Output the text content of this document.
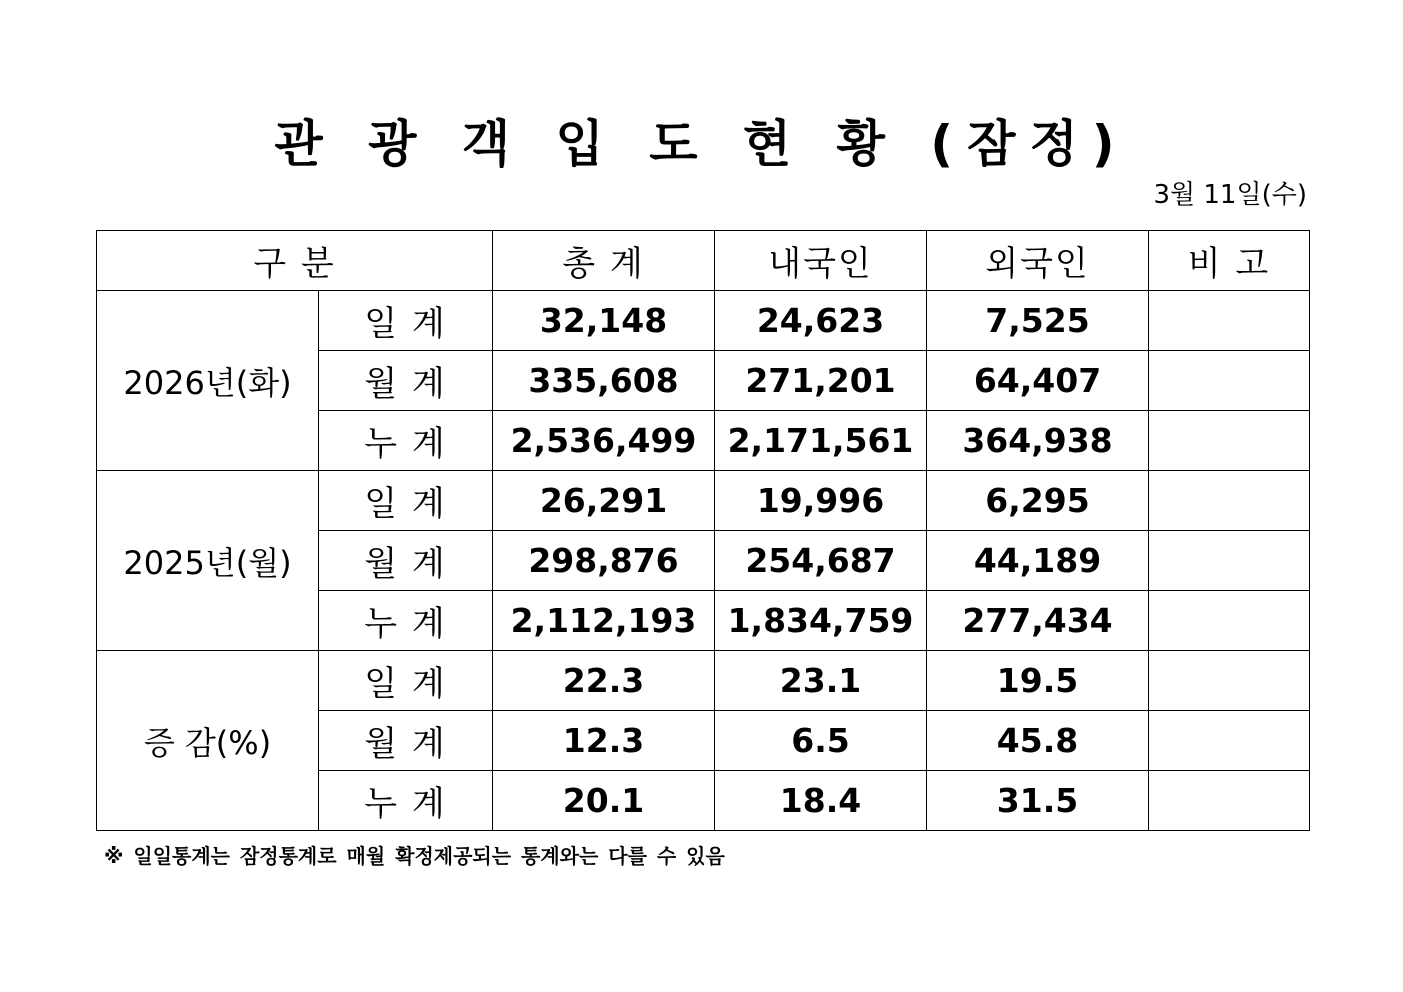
관 광 객 입 도 현 황 (잠정)
3월 11일(수)
구 분		총 계	내국인	외국인	비 고
2026년(화)	일 계	32,148	24,623	7,525	
	월 계	335,608	271,201	64,407	
	누 계	2,536,499	2,171,561	364,938	
2025년(월)	일 계	26,291	19,996	6,295	
	월 계	298,876	254,687	44,189	
	누 계	2,112,193	1,834,759	277,434	
증 감(%)	일 계	22.3	23.1	19.5	
	월 계	12.3	6.5	45.8	
	누 계	20.1	18.4	31.5	
※ 일일통계는 잠정통계로 매월 확정제공되는 통계와는 다를 수 있음
